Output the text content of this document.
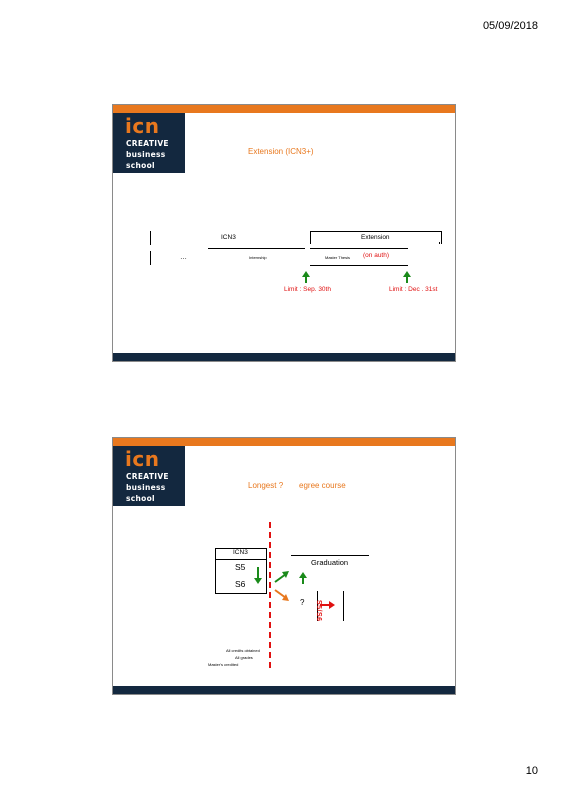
05/09/2018
icn
CREATIVE
business
school
Extension (ICN3+)
ICN3	Extension
…	Internship	Master Thesis (on auth)
Limit : Sep. 30th	Limit : Dec . 31st
icn
CREATIVE
business
school
Longest ? egree course
ICN3
S5
S6
Graduation
? S5/S6
All credits obtained
All grades
Master's credited
10
